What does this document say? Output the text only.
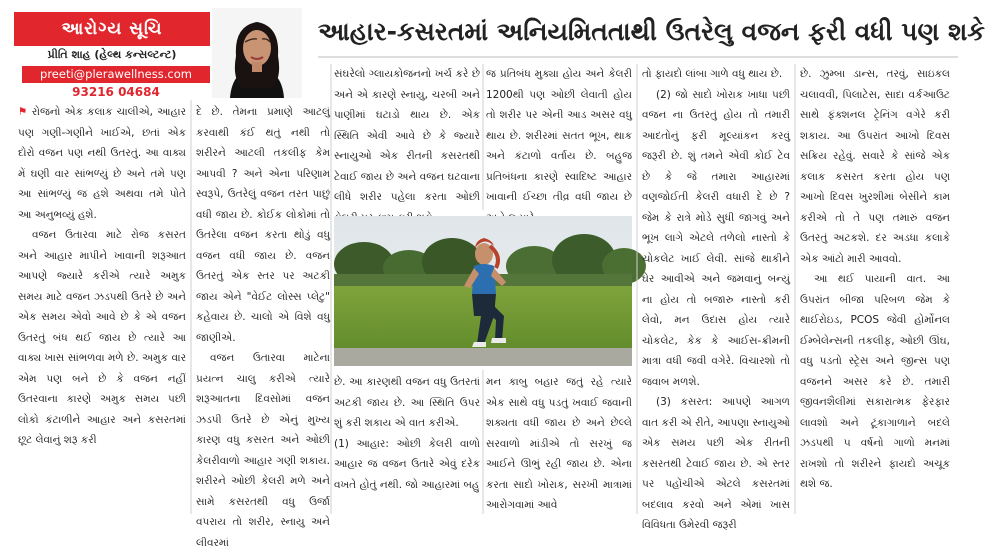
આરોગ્ય સૂચિ
પ્રીતિ શાહ (હેલ્થ કન્સલ્ટન્ટ)
preeti@plerawellness.com
93216 04684
આહાર-કસરતમાં અનિયમિતતાથી ઉતરેલુ વજન ફરી વધી પણ શકે

⚑ રોજનો એક કલાક ચાલીએ, આહાર પણ ગણી-ગણીને ખાઈએ, છતાં એક દોરો વજન પણ નથી ઉતરતું. આ વાક્ય મેં ઘણી વાર સાંભળ્યું છે અને તમે પણ આ સાંભળ્યું જ હશે અથવા તમે પોતે આ અનુભવ્યું હશે.

વજન ઉતારવા માટે રોજ કસરત અને આહાર માપીને ખાવાની શરૂઆત આપણે જ્યારે કરીએ ત્યારે અમુક સમય માટે વજન ઝડપથી ઉતરે છે અને એક સમય એવો આવે છે કે એ વજન ઉતરતું બંધ થઈ જાય છે ત્યારે આ વાક્ય ખાસ સાંભળવા મળે છે. અમુક વાર એમ પણ બને છે કે વજન નહીં ઉતરવાના કારણે અમુક સમય પછી લોકો કંટાળીને આહાર અને કસરતમાં છૂટ લેવાનું શરૂ કરી

દે છે. તેમના પ્રમાણે આટલું કરવાથી કંઈ થતું નથી તો શરીરને આટલી તકલીફ કેમ આપવી ? અને એના પરિણામ સ્વરૂપે, ઉતરેલું વજન તરત પાછું વધી જાય છે. કોઈક લોકોમાં તો ઉતરેલા વજન કરતા થોડું વધુ વજન વધી જાય છે. વજન ઉતરતું એક સ્તર પર અટકી જાય એને "વેઈટ લોસ્સ પ્લેટુ" કહેવાય છે. ચાલો એ વિશે વધુ જાણીએ.

વજન ઉતારવા માટેના પ્રયત્ન ચાલુ કરીએ ત્યારે શરૂઆતના દિવસોમાં વજન ઝડપી ઉતરે છે એનું મુખ્ય કારણ વધુ કસરત અને ઓછી કેલરીવાળો આહાર ગણી શકાય. શરીરને ઓછી કેલરી મળે અને સામે કસરતથી વધુ ઉર્જા વપરાય તો શરીર, સ્નાયુ અને લીવરમાં

સંઘરેલો ગ્લાયકોજનનો ખર્ચ કરે છે અને એ કારણે સ્નાયુ, ચરબી અને પાણીમાં ઘટાડો થાય છે. એક સ્થિતિ એવી આવે છે કે જ્યારે સ્નાયુઓ એક રીતની કસરતથી ટેવાઈ જાય છે અને વજન ઘટવાના લીધે શરીર પહેલા કરતા ઓછી
જ પ્રતિબંધ મુક્યા હોય અને કેલરી 1200થી પણ ઓછી લેવાતી હોય તો શરીર પર એની આડ અસર વધુ થાય છે. શરીરમાં સતત ભૂખ, થાક અને કંટાળો વર્તાય છે. બહુજ પ્રતિબંધના કારણે સ્વાદિષ્ટ આહાર ખાવાની ઈચ્છા તીવ્ર વધી જાય છે
છે. આ કારણથી વજન વધુ ઉતરતાં અટકી જાય છે. આ સ્થિતિ ઉપર શું કરી શકાય એ વાત કરીએ.
(1) આહાર: ઓછી કેલરી વાળો આહાર જ વજન ઉતારે એવું દરેક વખતે હોતું નથી. જો આહારમાં બહુ
મન કાબુ બહાર જતું રહે ત્યારે એક સાથે વધુ પડતું ખવાઈ જવાની શક્યતા વધી જાય છે અને છેલ્લે સરવાળો માંડીએ તો સરખું જ આઈને ઊભું રહી જાય છે. એના કરતા સાદો ખોરાક, સરખી માત્રામાં આરોગવામાં આવે

તો ફાયદો લાંબા ગાળે વધુ થાય છે.

(2) જો સાદો ખોરાક ખાધા પછી વજન ના ઉતરતું હોય તો તમારી આદતોનું ફરી મૂલ્યાંકન કરવું જરૂરી છે. શું તમને એવી કોઈ ટેવ છે કે જે તમારા આહારમાં વણજોઈતી કેલરી વધારી દે છે ? જેમ કે રાત્રે મોડે સુધી જાગવું અને ભૂખ લાગે એટલે તળેલો નાસ્તો કે ચોકલેટ ખાઈ લેવી. સાંજે થાકીને ઘેર આવીએ અને જમવાનું બન્યું ના હોય તો બજારુ નાસ્તો કરી લેવો, મન ઉદાસ હોય ત્યારે ચોકલેટ, કેક કે આઈસ-ક્રીમની માત્રા વધી જવી વગેરે. વિચારશો તો જવાબ મળશે.

(3) કસરત: આપણે આગળ વાત કરી એ રીતે, આપણા સ્નાયુઓ એક સમય પછી એક રીતની કસરતથી ટેવાઈ જાય છે. એ સ્તર પર પહોંચીએ એટલે કસરતમાં બદલાવ કરવો અને એમાં ખાસ વિવિધતા ઉમેરવી જરૂરી

છે. ઝુમ્બા ડાન્સ, તરવું, સાઇકલ ચલાવવી, પિલાટેસ, સાદા વર્કઆઉટ સાથે ફંક્શનલ ટ્રેનિંગ વગેરે કરી શકાય. આ ઉપરાંત આખો દિવસ સક્રિય રહેવું. સવારે કે સાંજે એક કલાક કસરત કરતા હોય પણ આખો દિવસ ખુરશીમાં બેસીને કામ કરીએ તો તે પણ તમારું વજન ઉતરતું અટકશે. દર અડધા કલાકે એક આંટો મારી આવવો.

આ થઈ પાયાની વાત. આ ઉપરાંત બીજા પરિબળ જેમ કે થાઈરોઇડ, PCOS જેવી હોર્મોનલ ઈમ્બેલેન્સની તકલીફ, ઓછી ઊંઘ, વધુ પડતો સ્ટ્રેસ અને જીન્સ પણ વજનને અસર કરે છે. તમારી જીવનશૈલીમાં સકારાત્મક ફેરફાર લાવશો અને ટૂંકાગાળાને બદલે ઝડપથી ૫ વર્ષનો ગાળો મનમાં રાખશો તો શરીરને ફાયદો અચૂક થશે જ.
